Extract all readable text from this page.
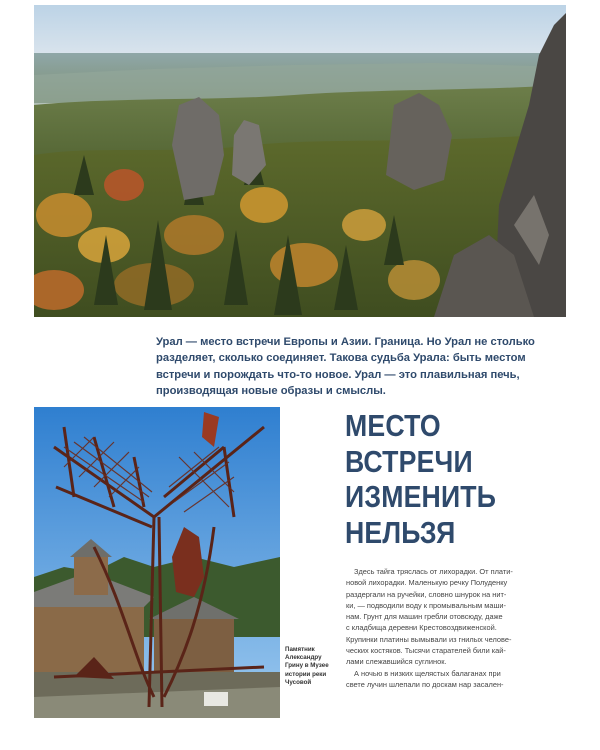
Урал — место встречи Европы и Азии. Граница. Но Урал не столько
разделяет, сколько соединяет. Такова судьба Урала: быть местом
встречи и порождать что-то новое. Урал — это плавильная печь,
производящая новые образы и смыслы.

Памятник
Александру
Грину в Музее
истории реки
Чусовой
МЕСТО
ВСТРЕЧИ
ИЗМЕНИТЬ
НЕЛЬЗЯ
Здесь тайга тряслась от лихорадки. От плати-
новой лихорадки. Маленькую речку Полуденку
раздергали на ручейки, словно шнурок на нит-
ки, — подводили воду к промывальным маши-
нам. Грунт для машин гребли отовсюду, даже
с кладбища деревни Крестовоздвиженской.
Крупинки платины вымывали из гнилых челове-
ческих костяков. Тысячи старателей били кай-
лами слежавшийся суглинок.
А ночью в низких щелястых балаганах при
свете лучин шлепали по доскам нар засален-
